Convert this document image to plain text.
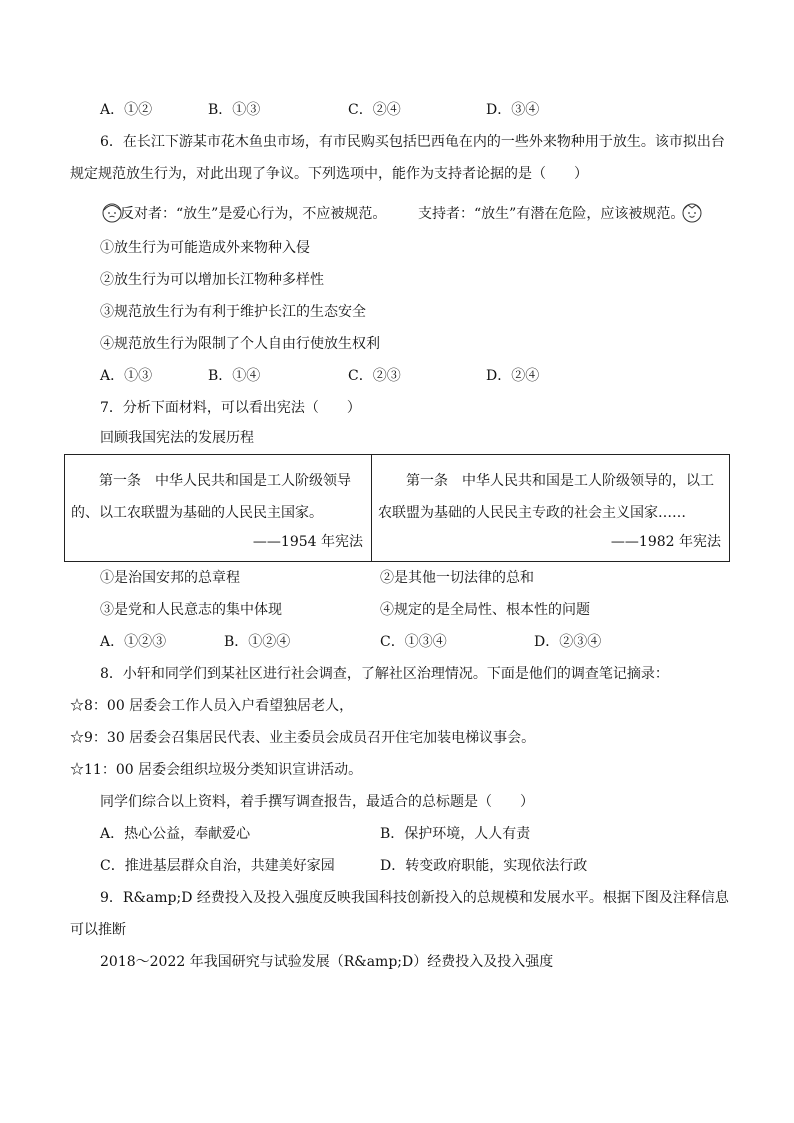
A．①②	B．①③	C．②④	D．③④
6．在长江下游某市花木鱼虫市场，有市民购买包括巴西龟在内的一些外来物种用于放生。该市拟出台
规定规范放生行为，对此出现了争议。下列选项中，能作为支持者论据的是（　　）
反对者：“放生”是爱心行为，不应被规范。 支持者：“放生”有潜在危险，应该被规范。
①放生行为可能造成外来物种入侵
②放生行为可以增加长江物种多样性
③规范放生行为有利于维护长江的生态安全
④规范放生行为限制了个人自由行使放生权利
A．①③	B．①④	C．②③	D．②④
7．分析下面材料，可以看出宪法（　　）
回顾我国宪法的发展历程
　　第一条　中华人民共和国是工人阶级领导的、以工农联盟为基础的人民民主国家。
——1954 年宪法

　　第一条　中华人民共和国是工人阶级领导的，以工农联盟为基础的人民民主专政的社会主义国家……
——1982 年宪法
①是治国安邦的总章程	②是其他一切法律的总和
③是党和人民意志的集中体现	④规定的是全局性、根本性的问题
A．①②③	B．①②④	C．①③④	D．②③④
8．小轩和同学们到某社区进行社会调查，了解社区治理情况。下面是他们的调查笔记摘录：
☆8：00 居委会工作人员入户看望独居老人，
☆9：30 居委会召集居民代表、业主委员会成员召开住宅加装电梯议事会。
☆11：00 居委会组织垃圾分类知识宣讲活动。
同学们综合以上资料，着手撰写调查报告，最适合的总标题是（　　）
A．热心公益，奉献爱心	B．保护环境，人人有责
C．推进基层群众自治，共建美好家园	D．转变政府职能，实现依法行政
9．R&amp;D 经费投入及投入强度反映我国科技创新投入的总规模和发展水平。根据下图及注释信息
可以推断
2018～2022 年我国研究与试验发展（R&amp;D）经费投入及投入强度
